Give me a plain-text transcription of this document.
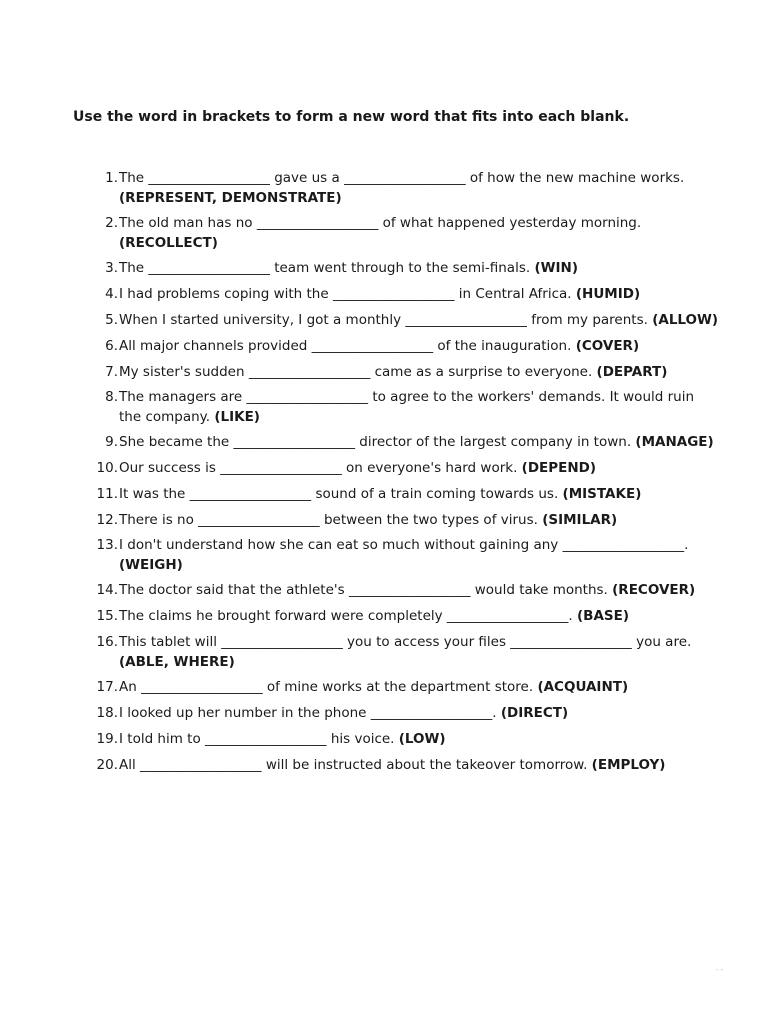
Use the word in brackets to form a new word that fits into each blank.
1. The __________________ gave us a __________________ of how the new machine works.
(REPRESENT, DEMONSTRATE)
2. The old man has no __________________ of what happened yesterday morning.
(RECOLLECT)
3. The __________________ team went through to the semi-finals. (WIN)
4. I had problems coping with the __________________ in Central Africa. (HUMID)
5. When I started university, I got a monthly __________________ from my parents. (ALLOW)
6. All major channels provided __________________ of the inauguration. (COVER)
7. My sister's sudden __________________ came as a surprise to everyone. (DEPART)
8. The managers are __________________ to agree to the workers' demands. It would ruin
the company. (LIKE)
9. She became the __________________ director of the largest company in town. (MANAGE)
10. Our success is __________________ on everyone's hard work. (DEPEND)
11. It was the __________________ sound of a train coming towards us. (MISTAKE)
12. There is no __________________ between the two types of virus. (SIMILAR)
13. I don't understand how she can eat so much without gaining any __________________.
(WEIGH)
14. The doctor said that the athlete's __________________ would take months. (RECOVER)
15. The claims he brought forward were completely __________________. (BASE)
16. This tablet will __________________ you to access your files __________________ you are.
(ABLE, WHERE)
17. An __________________ of mine works at the department store. (ACQUAINT)
18. I looked up her number in the phone __________________. (DIRECT)
19. I told him to __________________ his voice. (LOW)
20. All __________________ will be instructed about the takeover tomorrow. (EMPLOY)
- -
